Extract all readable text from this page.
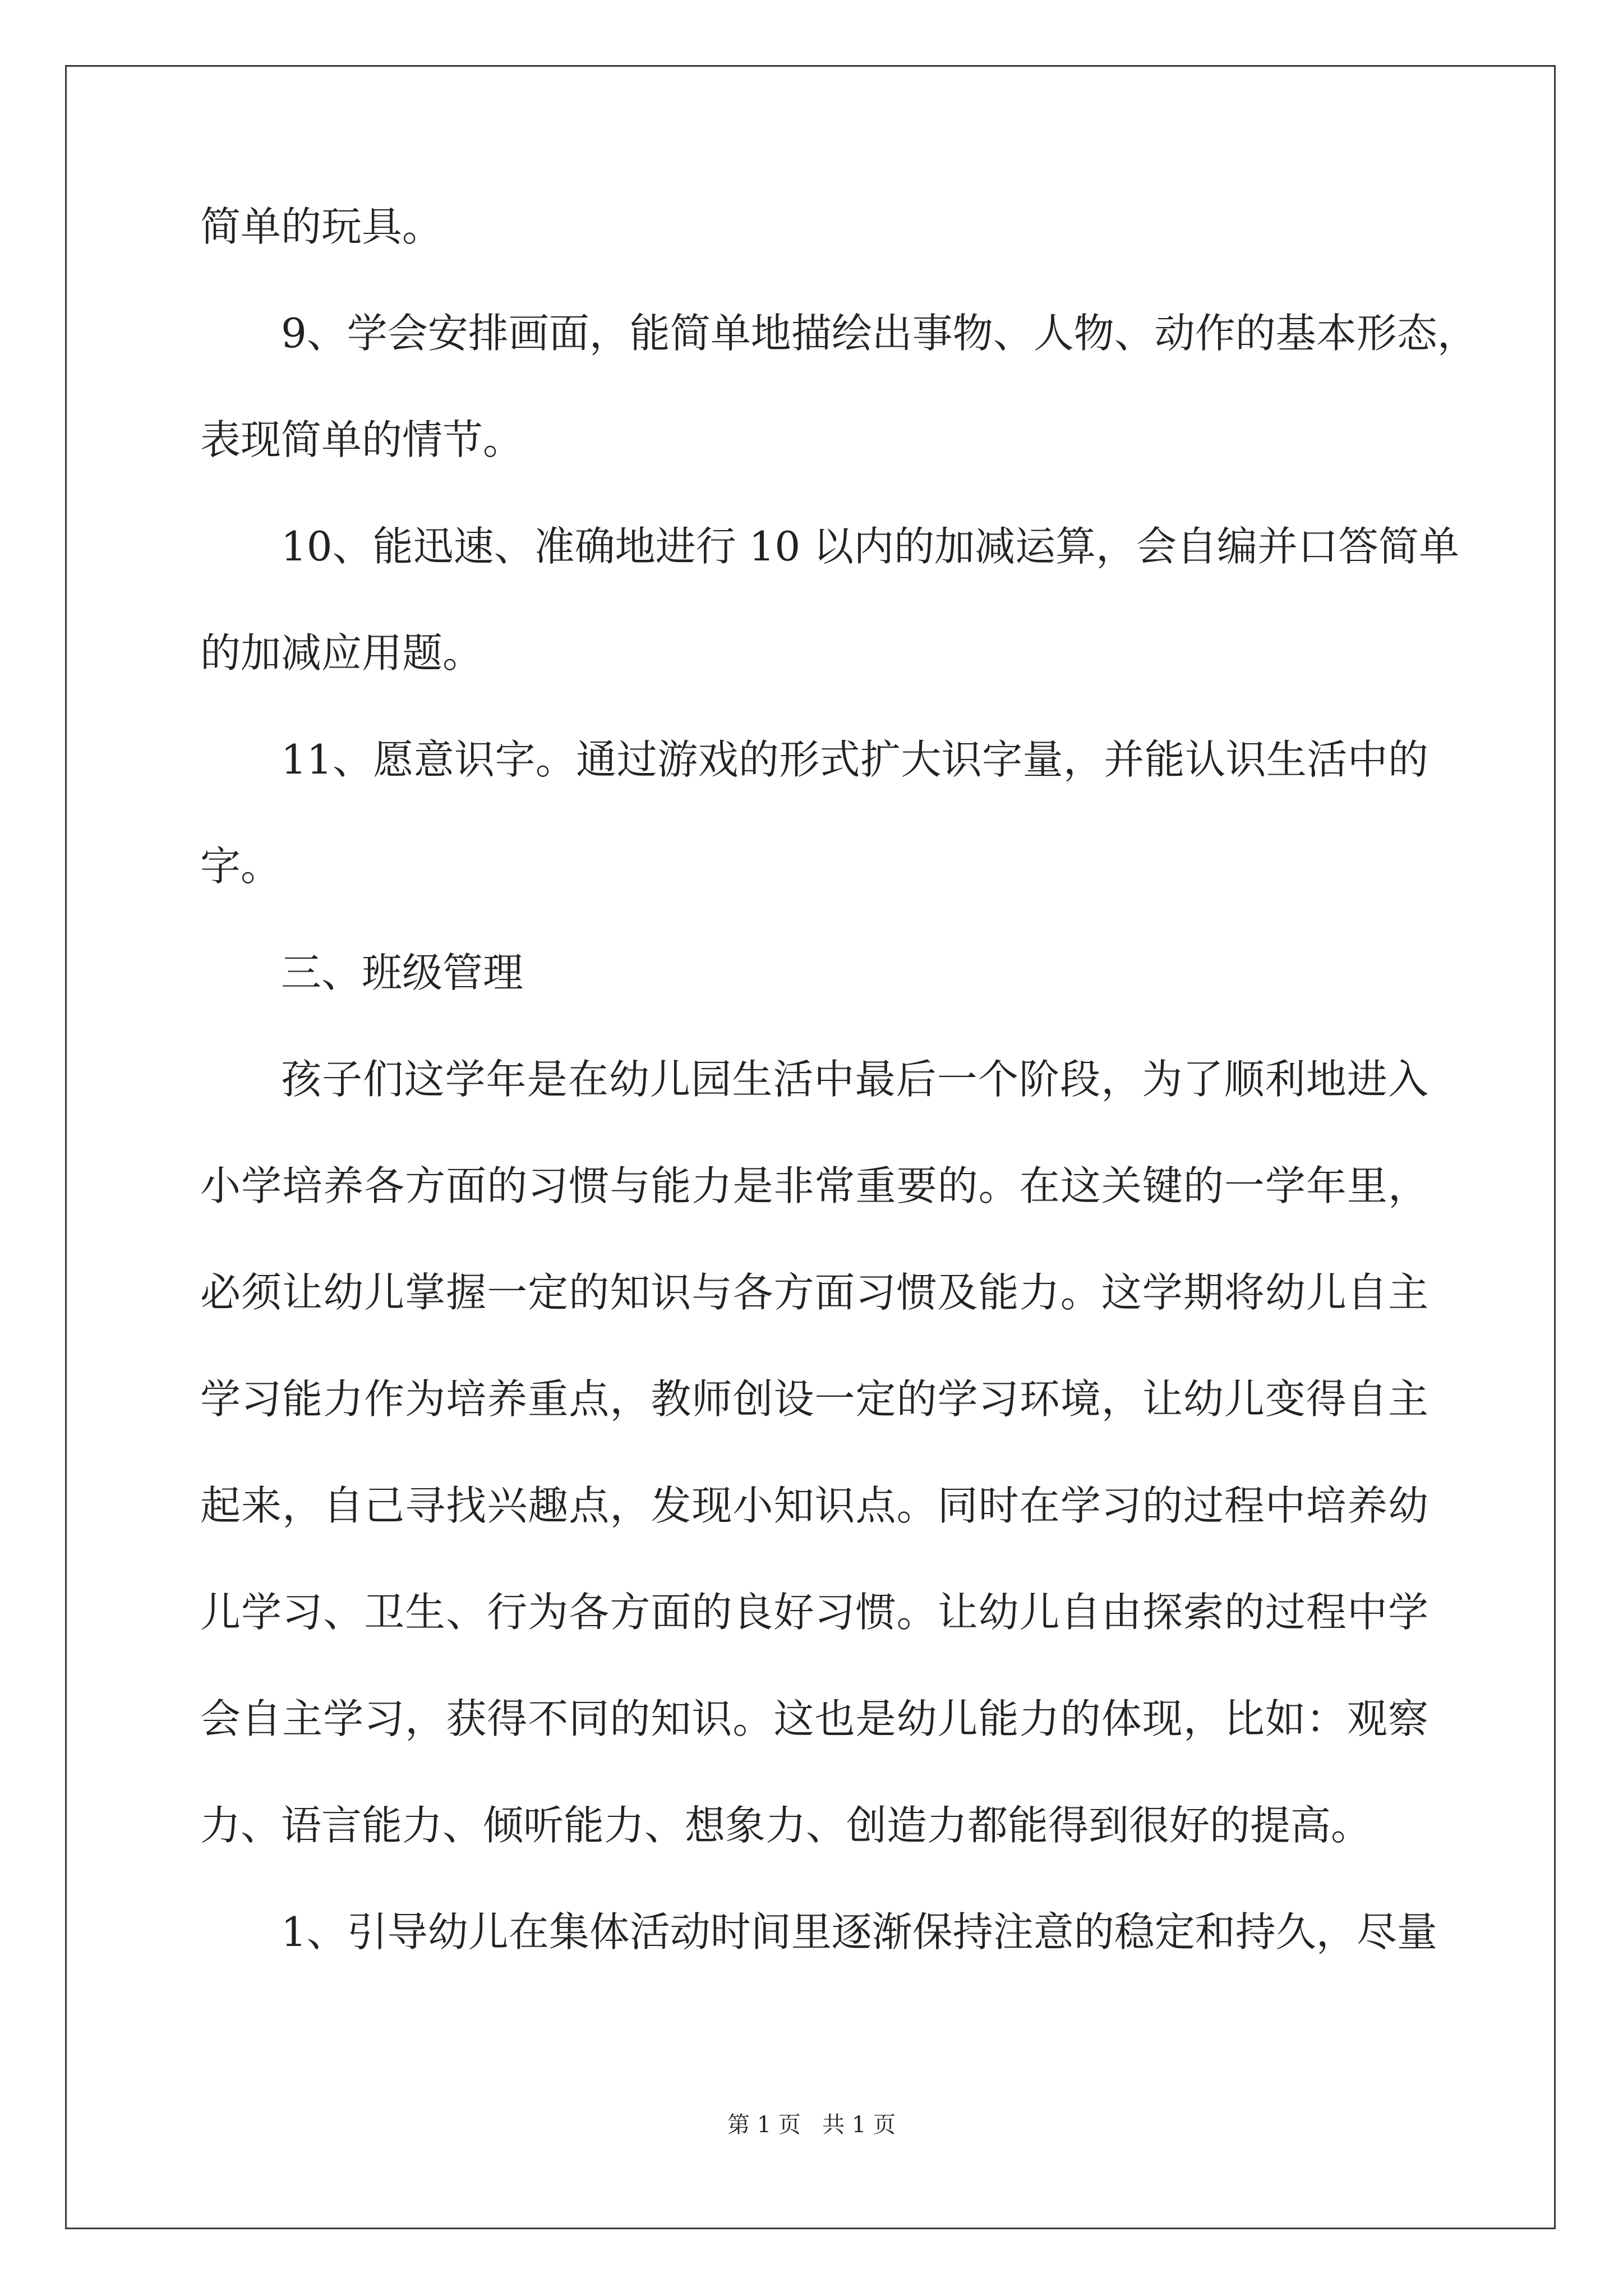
简单的玩具。
9、学会安排画面，能简单地描绘出事物、人物、动作的基本形态，
表现简单的情节。
10、能迅速、准确地进行 10 以内的加减运算，会自编并口答简单
的加减应用题。
11、愿意识字。通过游戏的形式扩大识字量，并能认识生活中的
字。
三、班级管理
孩子们这学年是在幼儿园生活中最后一个阶段，为了顺利地进入
小学培养各方面的习惯与能力是非常重要的。在这关键的一学年里，
必须让幼儿掌握一定的知识与各方面习惯及能力。这学期将幼儿自主
学习能力作为培养重点，教师创设一定的学习环境，让幼儿变得自主
起来，自己寻找兴趣点，发现小知识点。同时在学习的过程中培养幼
儿学习、卫生、行为各方面的良好习惯。让幼儿自由探索的过程中学
会自主学习，获得不同的知识。这也是幼儿能力的体现，比如：观察
力、语言能力、倾听能力、想象力、创造力都能得到很好的提高。
1、引导幼儿在集体活动时间里逐渐保持注意的稳定和持久，尽量
第 1 页   共 1 页
